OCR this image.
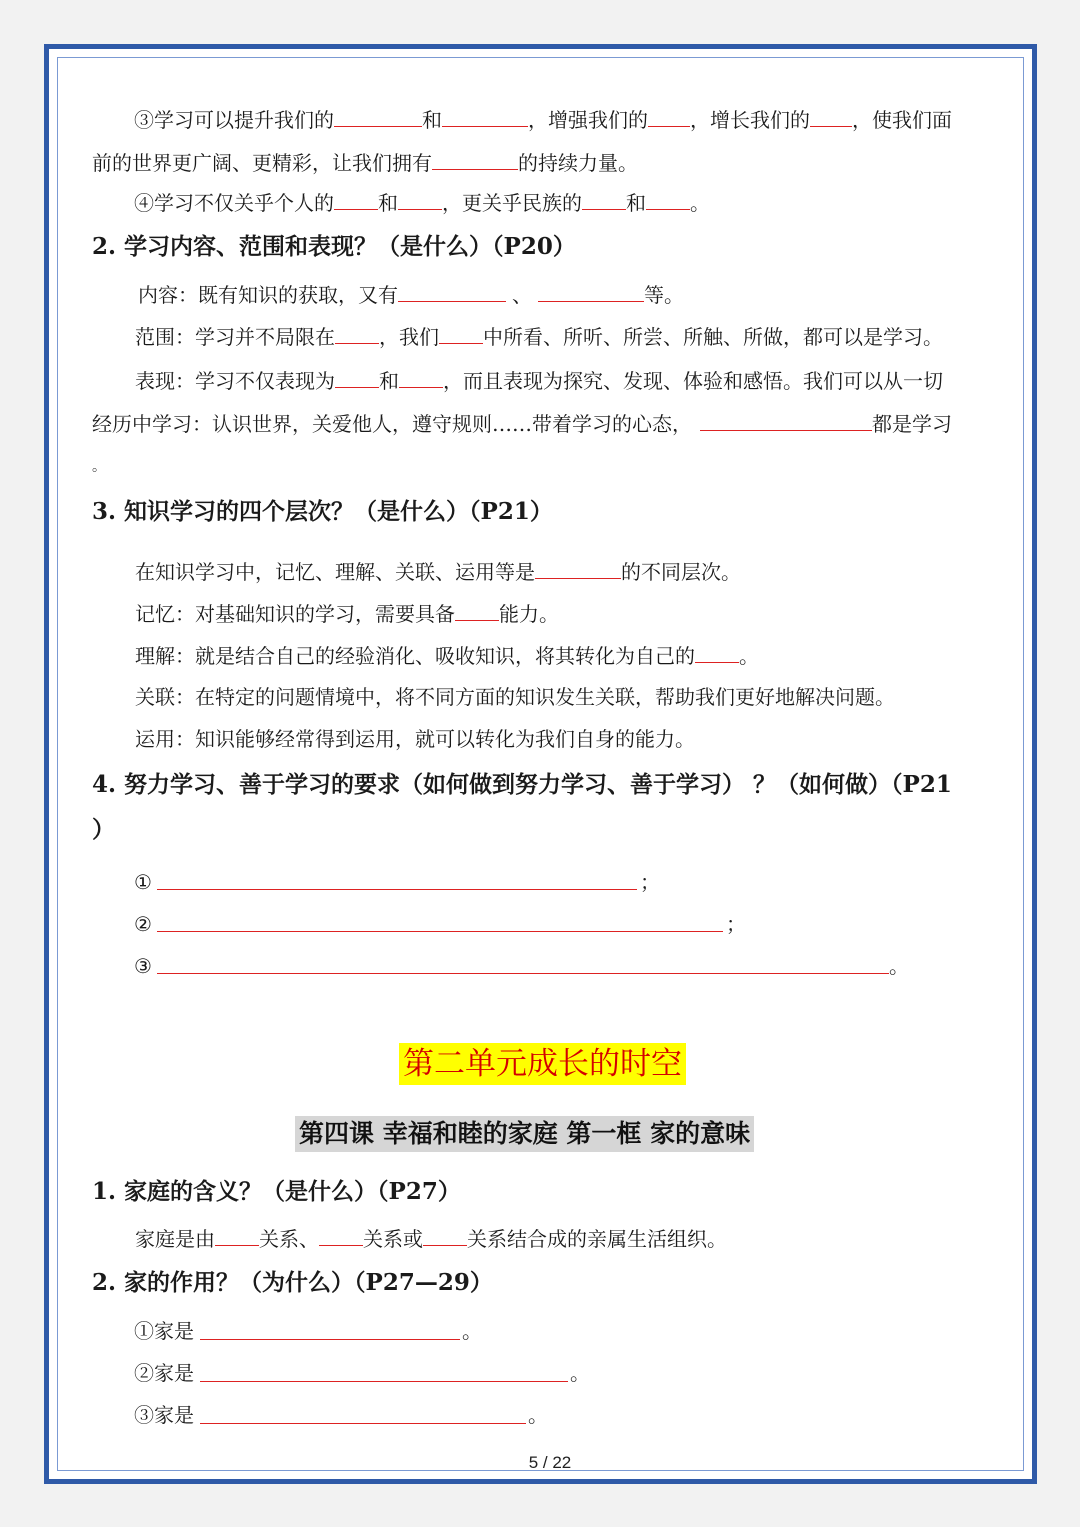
③学习可以提升我们的	和	，增强我们的 ，增长我们的 ，使我们面
前的世界更广阔、更精彩，让我们拥有	的持续力量。
④学习不仅关乎个人的 和 ，更关乎民族的 和 。
2. 学习内容、范围和表现？（是什么）（P20）
内容：既有知识的获取，又有	、	等。
范围：学习并不局限在 ，我们 中所看、所听、所尝、所触、所做，都可以是学习。
表现：学习不仅表现为 和 ，而且表现为探究、发现、体验和感悟。我们可以从一切
经历中学习：认识世界，关爱他人，遵守规则……带着学习的心态，	都是学习
。
3. 知识学习的四个层次？（是什么）（P21）
在知识学习中，记忆、理解、关联、运用等是	的不同层次。
记忆：对基础知识的学习，需要具备 能力。
理解：就是结合自己的经验消化、吸收知识，将其转化为自己的 。
关联：在特定的问题情境中，将不同方面的知识发生关联，帮助我们更好地解决问题。
运用：知识能够经常得到运用，就可以转化为我们自身的能力。
4. 努力学习、善于学习的要求（如何做到努力学习、善于学习） ？（如何做）（P21
）
①	；
②	；
③	。
第二单元成长的时空
第四课 幸福和睦的家庭 第一框 家的意味
1. 家庭的含义？（是什么）（P27）
家庭是由 关系、 关系或 关系结合成的亲属生活组织。
2. 家的作用？（为什么）（P27—29）
①家是	。
②家是	。
③家是	。
5 / 22
